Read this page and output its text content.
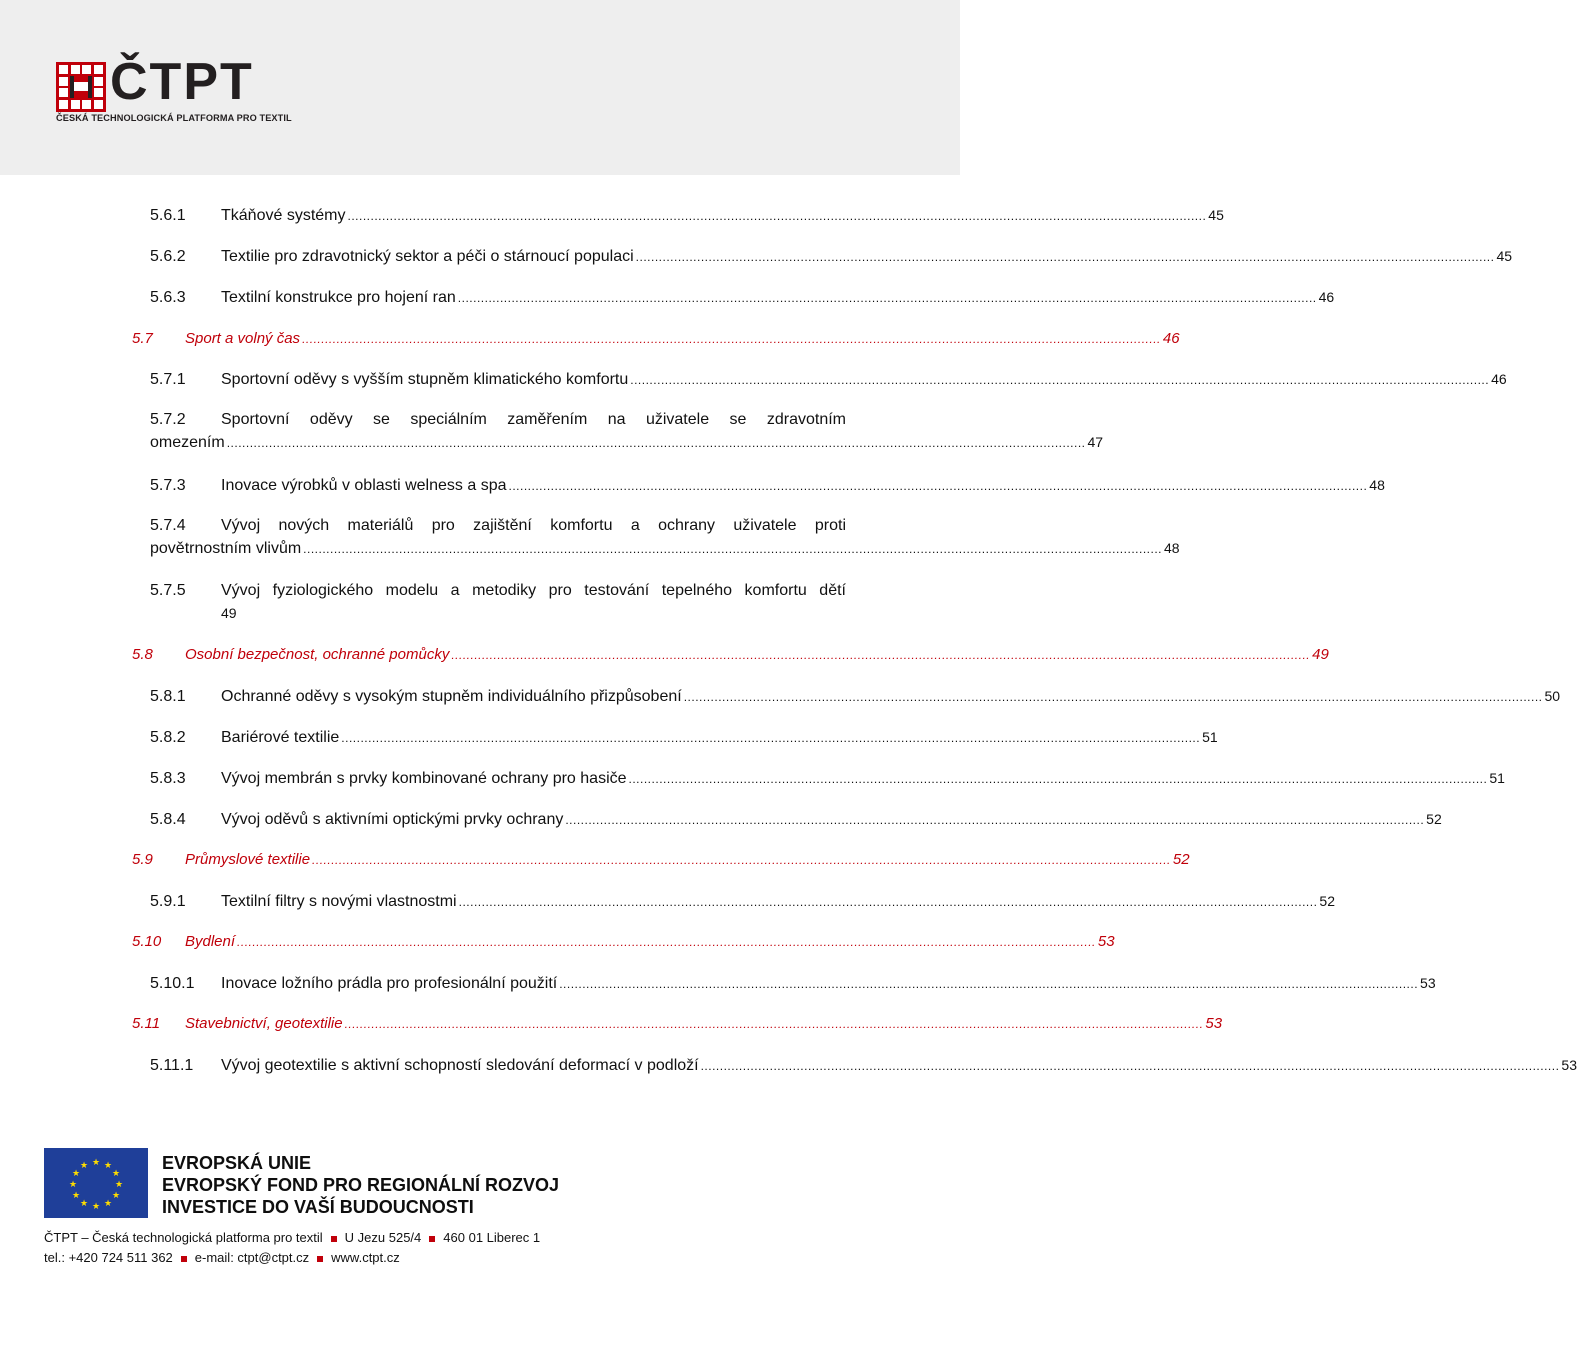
ČTPT
ČESKÁ TECHNOLOGICKÁ PLATFORMA PRO TEXTIL
5.6.1	Tkáňové systémy .....	45
5.6.2	Textilie pro zdravotnický sektor a péči o stárnoucí populaci .....	45
5.6.3	Textilní konstrukce pro hojení ran .....	46
5.7	Sport a volný čas .....	46
5.7.1	Sportovní oděvy s vyšším stupněm klimatického komfortu .....	46
5.7.2	Sportovní oděvy se speciálním zaměřením na uživatele se zdravotním
omezením .....	47
5.7.3	Inovace výrobků v oblasti welness a spa .....	48
5.7.4	Vývoj nových materiálů pro zajištění komfortu a ochrany uživatele proti
povětrnostním vlivům .....	48
5.7.5	Vývoj fyziologického modelu a metodiky pro testování tepelného komfortu dětí
49
5.8	Osobní bezpečnost, ochranné pomůcky .....	49
5.8.1	Ochranné oděvy s vysokým stupněm individuálního přizpůsobení .....	50
5.8.2	Bariérové textilie .....	51
5.8.3	Vývoj membrán s prvky kombinované ochrany pro hasiče .....	51
5.8.4	Vývoj oděvů s aktivními optickými prvky ochrany .....	52
5.9	Průmyslové textilie .....	52
5.9.1	Textilní filtry s novými vlastnostmi .....	52
5.10	Bydlení .....	53
5.10.1	Inovace ložního prádla pro profesionální použití .....	53
5.11	Stavebnictví, geotextilie .....	53
5.11.1	Vývoj geotextilie s aktivní schopností sledování deformací v podloží .....	53
★ ★
★
★
★
★
★
★
★
★
★
★	EVROPSKÁ UNIE
EVROPSKÝ FOND PRO REGIONÁLNÍ ROZVOJ
INVESTICE DO VAŠÍ BUDOUCNOSTI
ČTPT – Česká technologická platforma pro textil U Jezu 525/4 460 01 Liberec 1
tel.: +420 724 511 362 e-mail: ctpt@ctpt.cz www.ctpt.cz
